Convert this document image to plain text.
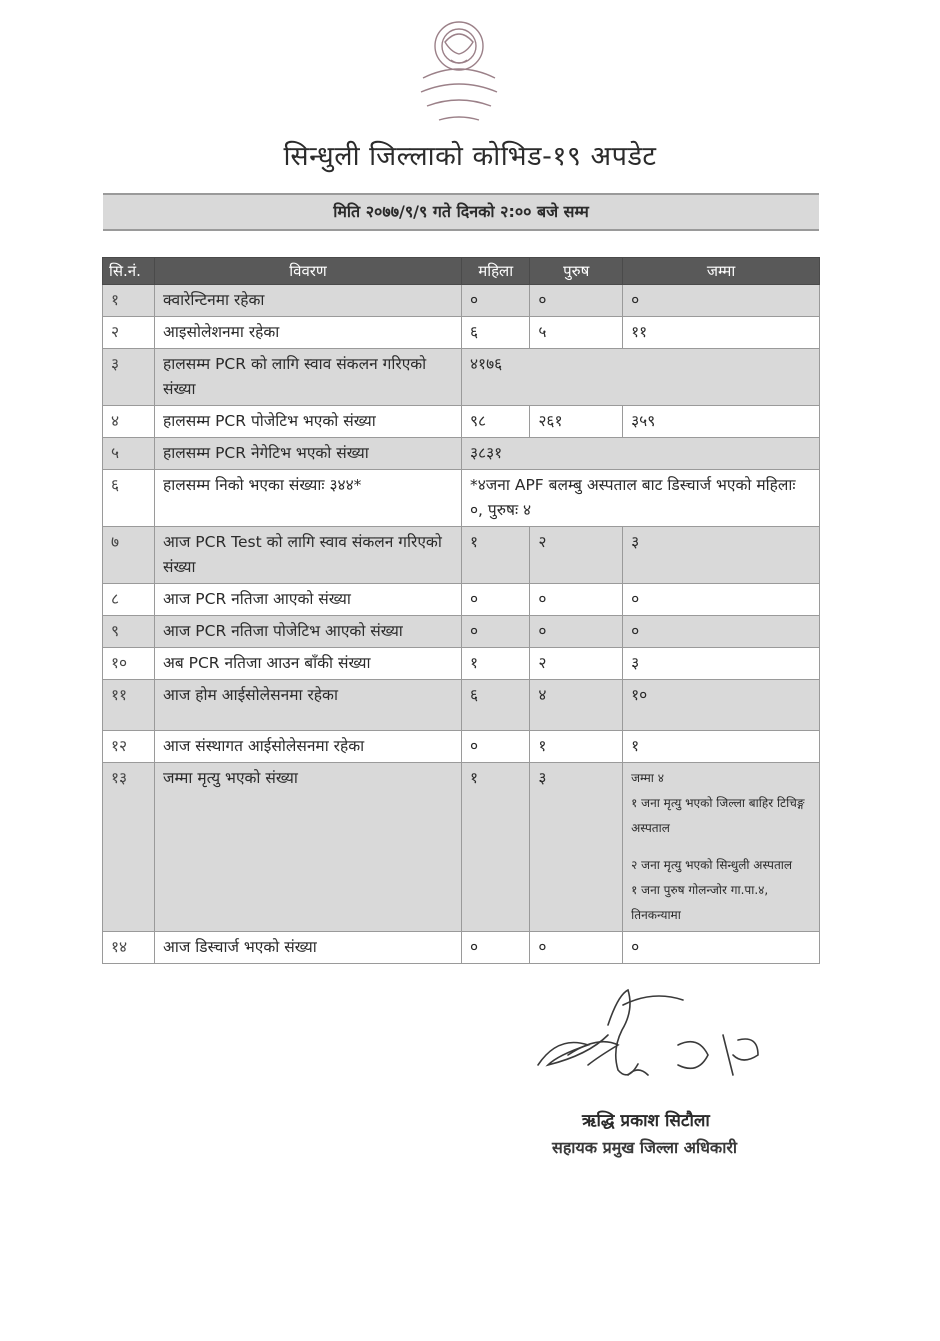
सिन्धुली जिल्लाको कोभिड-१९ अपडेट
मिति २०७७/९/९ गते दिनको २:०० बजे सम्म
सि.नं.	विवरण	महिला	पुरुष	जम्मा
१	क्वारेन्टिनमा रहेका	०	०	०
२	आइसोलेशनमा रहेका	६	५	११
३	हालसम्म PCR को लागि स्वाव संकलन गरिएको संख्या	४१७६		
४	हालसम्म PCR पोजेटिभ भएको संख्या	९८	२६१	३५९
५	हालसम्म PCR नेगेटिभ भएको संख्या	३८३१		
६	हालसम्म निको भएका संख्याः ३४४*	*४जना APF बलम्बु अस्पताल बाट डिस्चार्ज भएको महिलाः ०, पुरुषः ४		
७	आज PCR Test को लागि स्वाव संकलन गरिएको संख्या	१	२	३
८	आज PCR नतिजा आएको संख्या	०	०	०
९	आज PCR नतिजा पोजेटिभ आएको संख्या	०	०	०
१०	अब PCR नतिजा आउन बाँकी संख्या	१	२	३
११	आज होम आईसोलेसनमा रहेका	६	४	१०
१२	आज संस्थागत आईसोलेसनमा रहेका	०	१	१
१३	जम्मा मृत्यु भएको संख्या	१	३	जम्मा ४
१ जना मृत्यु भएको जिल्ला बाहिर टिचिङ्ग अस्पताल
२ जना मृत्यु भएको सिन्धुली अस्पताल
१ जना पुरुष गोलन्जोर गा.पा.४, तिनकन्यामा

१४	आज डिस्चार्ज भएको संख्या	०	०	०
ऋद्धि प्रकाश सिटौला
सहायक प्रमुख जिल्ला अधिकारी
